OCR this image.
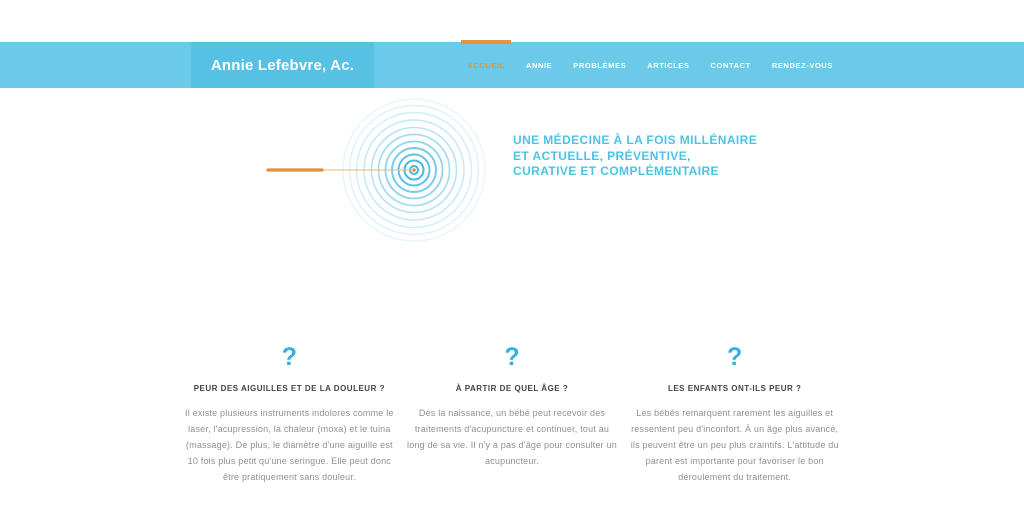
Annie Lefebvre, Ac.	ACCUEIL	ANNIE	PROBLÈMES	ARTICLES	CONTACT	RENDEZ-VOUS
UNE MÉDECINE À LA FOIS MILLÉNAIRE
ET ACTUELLE, PRÉVENTIVE,
CURATIVE ET COMPLÉMENTAIRE
?
PEUR DES AIGUILLES ET DE LA DOULEUR ?
Il existe plusieurs instruments indolores comme le laser, l'acupression, la chaleur (moxa) et le tuina (massage). De plus, le diamètre d'une aiguille est 10 fois plus petit qu'une seringue. Elle peut donc être pratiquement sans douleur.
?
À PARTIR DE QUEL ÂGE ?
Dès la naissance, un bébé peut recevoir des traitements d'acupuncture et continuer, tout au long de sa vie. Il n'y a pas d'âge pour consulter un acupuncteur.
?
LES ENFANTS ONT-ILS PEUR ?
Les bébés remarquent rarement les aiguilles et ressentent peu d'inconfort. À un âge plus avancé, ils peuvent être un peu plus craintifs. L'attitude du parent est importante pour favoriser le bon déroulement du traitement.
